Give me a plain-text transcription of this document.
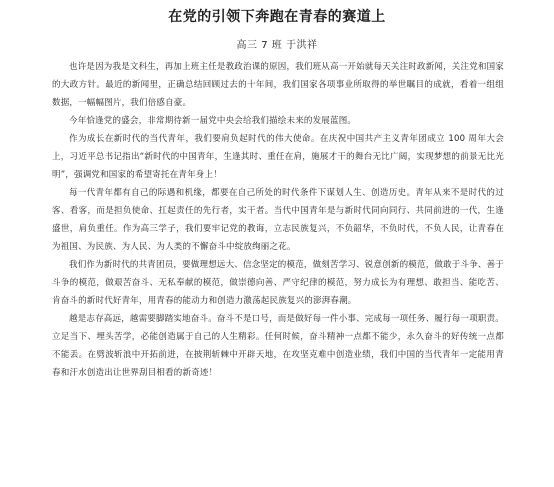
在党的引领下奔跑在青春的赛道上
高三 7 班 于洪祥

也许是因为我是文科生，再加上班主任是教政治课的原因，我们班从高一开始就每天关注时政新闻，关注党和国家的大政方针。最近的新闻里，正确总结回顾过去的十年间，我们国家各项事业所取得的举世瞩目的成就，看着一组组数据，一幅幅图片，我们倍感自豪。

今年恰逢党的盛会，非常期待新一届党中央会给我们描绘未来的发展蓝图。

作为成长在新时代的当代青年，我们要肩负起时代的伟大使命。在庆祝中国共产主义青年团成立 100 周年大会上，习近平总书记指出“新时代的中国青年，生逢其时、重任在肩，施展才干的舞台无比广阔，实现梦想的前景无比光明”，强调党和国家的希望寄托在青年身上！

每一代青年都有自己的际遇和机缘，都要在自己所处的时代条件下谋划人生、创造历史。青年从来不是时代的过客、看客，而是担负使命、扛起责任的先行者，实干者。当代中国青年是与新时代同向同行、共同前进的一代，生逢盛世，肩负重任。作为高三学子，我们要牢记党的教诲，立志民族复兴，不负韶华，不负时代，不负人民，让青春在为祖国、为民族、为人民、为人类的不懈奋斗中绽放绚丽之花。

我们作为新时代的共青团员，要做理想远大、信念坚定的模范，做刻苦学习、锐意创新的模范，做敢于斗争、善于斗争的模范，做艰苦奋斗、无私奉献的模范，做崇德向善、严守纪律的模范，努力成长为有理想、敢担当、能吃苦、肯奋斗的新时代好青年，用青春的能动力和创造力激荡起民族复兴的澎湃春潮。

越是志存高远，越需要脚踏实地奋斗。奋斗不是口号，而是做好每一件小事、完成每一项任务、履行每一项职责。立足当下、埋头苦学，必能创造属于自己的人生精彩。任何时候，奋斗精神一点都不能少，永久奋斗的好传统一点都不能丢。在劈波斩浪中开拓前进，在披荆斩棘中开辟天地，在攻坚克难中创造业绩，我们中国的当代青年一定能用青春和汗水创造出让世界刮目相看的新奇迹！
